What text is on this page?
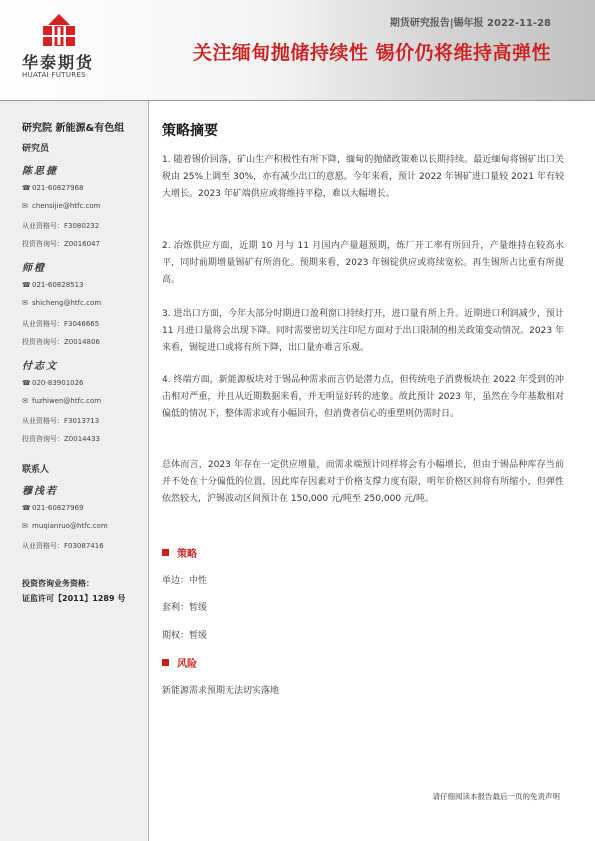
华泰期货
HUATAI FUTURES
期货研究报告|锡年报 2022-11-28
关注缅甸抛储持续性 锡价仍将维持高弹性
研究院 新能源&有色组
研究员
陈思捷
☎021-60827968
✉ chensijie@htfc.com
从业资格号：F3080232
投资咨询号：Z0016047
师橙
☎021-60828513
✉ shicheng@htfc.com
从业资格号：F3046665
投资咨询号：Z0014806
付志文
☎020-83901026
✉ fuzhiwen@htfc.com
从业资格号：F3013713
投资咨询号：Z0014433
联系人
穆浅若
☎021-60827969
✉ muqianruo@htfc.com
从业资格号：F03087416
投资咨询业务资格：
证监许可【2011】1289 号
策略摘要
1. 随着锡价回落，矿山生产积极性有所下降，缅甸的抛储政策难以长期持续。最近缅甸将锡矿出口关税由 25%上调至 30%，亦有减少出口的意愿。今年来看，预计 2022 年锡矿进口量较 2021 年有较大增长。2023 年矿端供应或将维持平稳，难以大幅增长。
2. 冶炼供应方面，近期 10 月与 11 月国内产量超预期，炼厂开工率有所回升，产量维持在较高水平，同时前期增量锡矿有所消化。预期来看，2023 年锡锭供应或将续宽松。再生锡所占比重有所提高。
3. 进出口方面，今年大部分时期进口盈利窗口持续打开，进口量有所上升。近期进口利润减少，预计 11 月进口量将会出现下降。同时需要密切关注印尼方面对于出口限制的相关政策变动情况。2023 年来看，锡锭进口或将有所下降，出口量亦难言乐观。
4. 终端方面，新能源板块对于锡品种需求而言仍是潜力点，但传统电子消费板块在 2022 年受到的冲击相对严重，并且从近期数据来看，并无明显好转的迹象。故此预计 2023 年，虽然在今年基数相对偏低的情况下，整体需求或有小幅回升，但消费者信心的重塑则仍需时日。
总体而言，2023 年存在一定供应增量，而需求端预计同样将会有小幅增长，但由于锡品种库存当前并不处在十分偏低的位置，因此库存因素对于价格支撑力度有限，明年价格区间将有所缩小，但弹性依然较大，沪锡波动区间预计在 150,000 元/吨至 250,000 元/吨。
策略
单边：中性
套利：暂缓
期权：暂缓
风险
新能源需求预期无法切实落地
请仔细阅读本报告最后一页的免责声明
